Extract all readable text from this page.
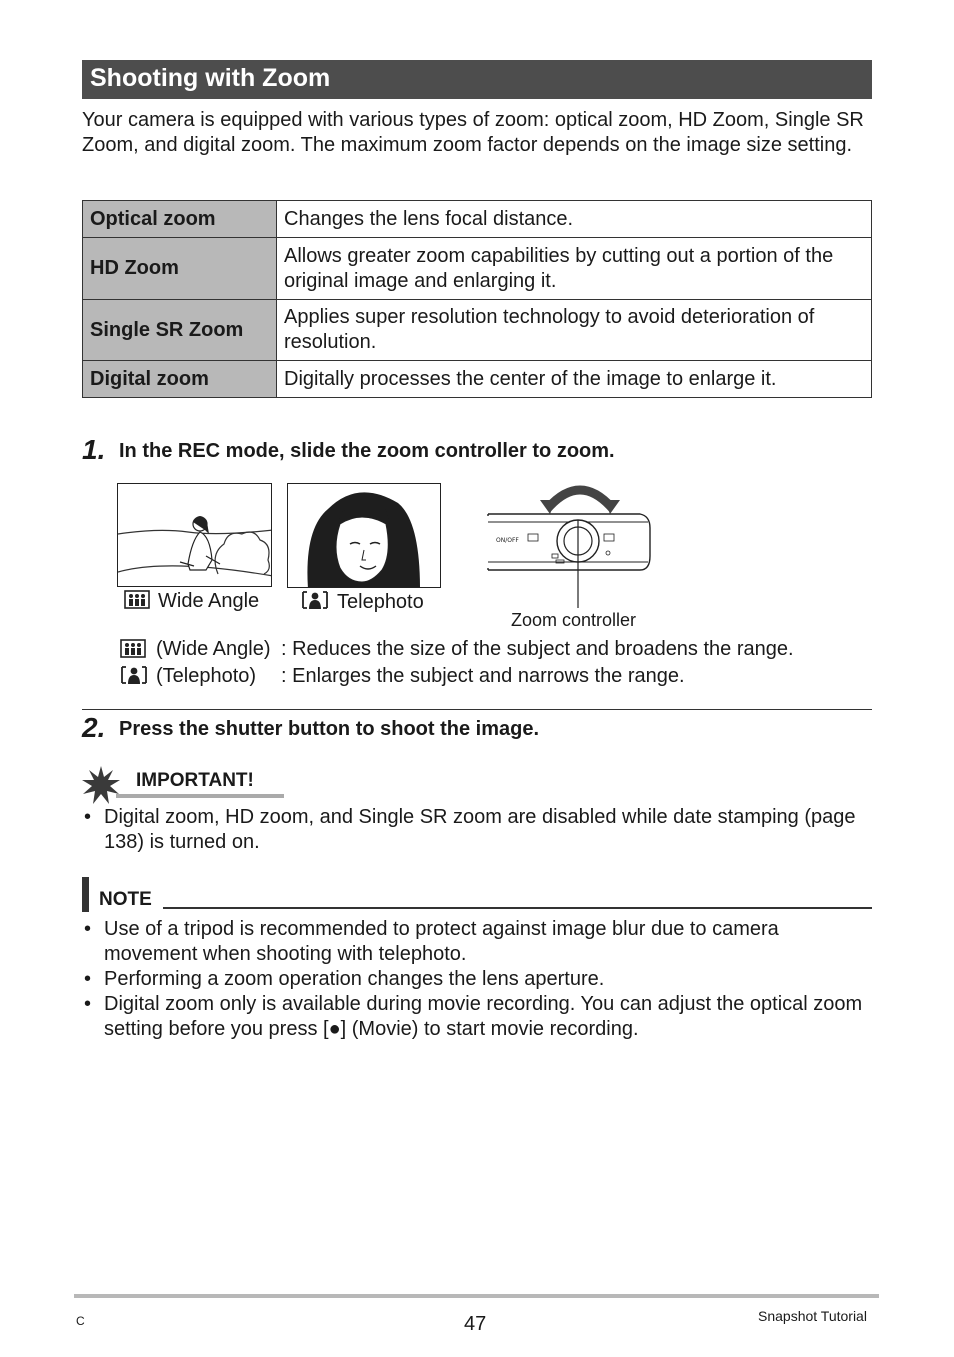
Shooting with Zoom
Your camera is equipped with various types of zoom: optical zoom, HD Zoom, Single SR Zoom, and digital zoom. The maximum zoom factor depends on the image size setting.
Optical zoom	Changes the lens focal distance.
HD Zoom	Allows greater zoom capabilities by cutting out a portion of the original image and enlarging it.
Single SR Zoom	Applies super resolution technology to avoid deterioration of resolution.
Digital zoom	Digitally processes the center of the image to enlarge it.
1. In the REC mode, slide the zoom controller to zoom.
ON/OFF
Wide Angle	Telephoto
Zoom controller
(Wide Angle) : Reduces the size of the subject and broadens the range.
(Telephoto) : Enlarges the subject and narrows the range.
2. Press the shutter button to shoot the image.
IMPORTANT!
• Digital zoom, HD zoom, and Single SR zoom are disabled while date stamping (page 138) is turned on.
NOTE
• Use of a tripod is recommended to protect against image blur due to camera movement when shooting with telephoto.
• Performing a zoom operation changes the lens aperture.
• Digital zoom only is available during movie recording. You can adjust the optical zoom setting before you press [●] (Movie) to start movie recording.
C	47	Snapshot Tutorial
